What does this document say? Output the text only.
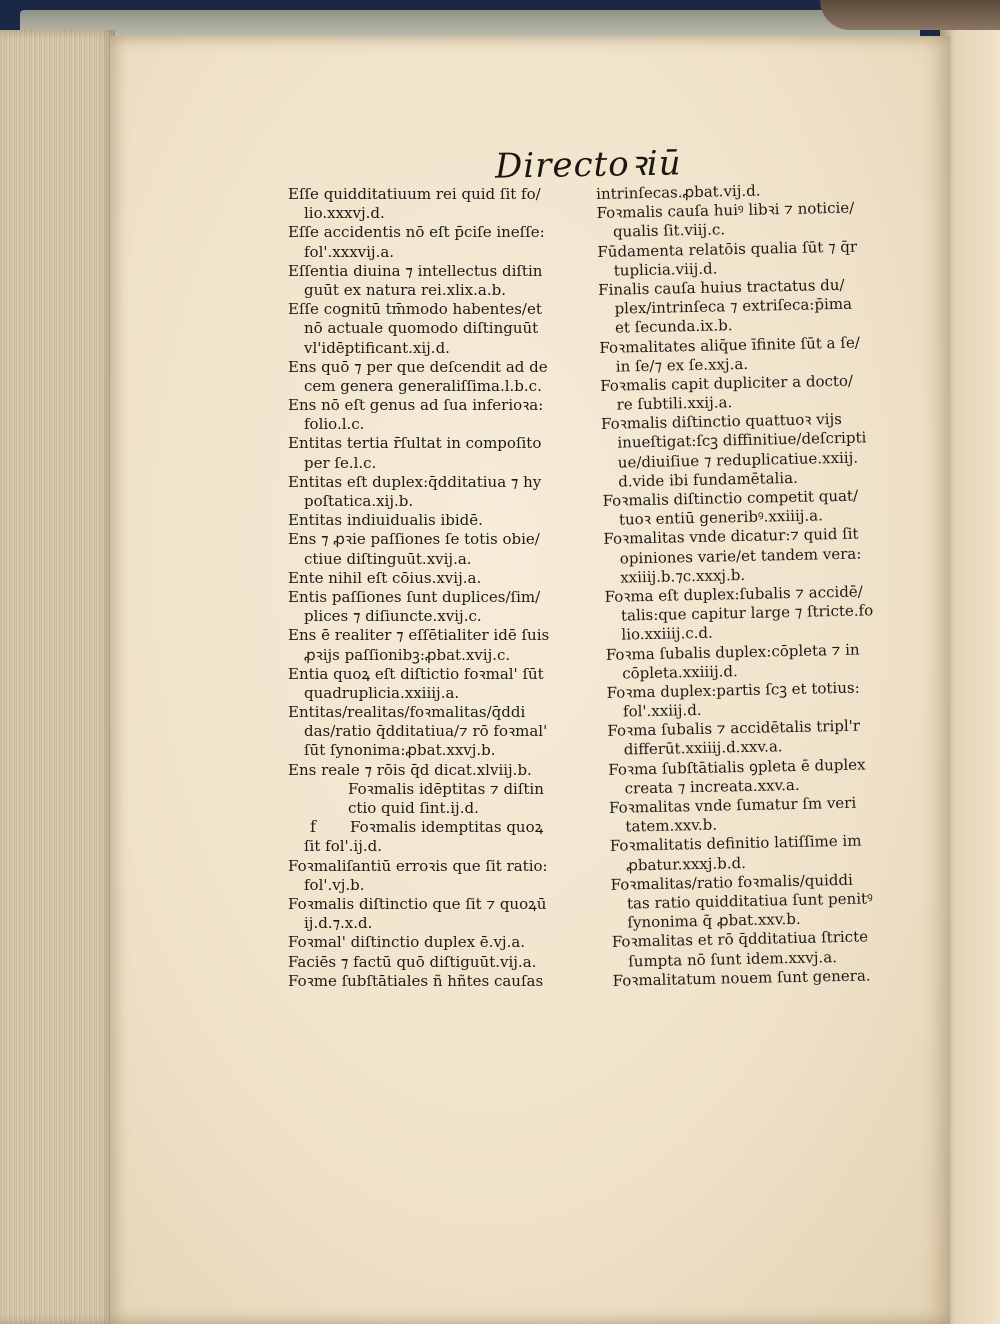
Directoꝛiū
f
Eſſe quidditatiuum rei quid ſit fo/
lio.xxxvj.d.
Eſſe accidentis nō eſt p̄ciſe ineſſe:
fol'.xxxvij.a.
Eſſentia diuina ⁊ intellectus diſtin
guūt ex natura rei.xlix.a.b.
Eſſe cognitū tm̄modo habentes/et
nō actuale quomodo diſtinguūt
vl'idēptificant.xij.d.
Ens quō ⁊ per que deſcendit ad de
cem genera generaliſſima.l.b.c.
Ens nō eſt genus ad ſua inferioꝛa:
folio.l.c.
Entitas tertia r̄ſultat in compoſito
per ſe.l.c.
Entitas eſt duplex:q̄dditatiua ⁊ hy
poſtatica.xij.b.
Entitas indiuidualis ibidē.
Ens ⁊ ꝓꝛie paſſiones ſe totis obie/
ctiue diſtinguūt.xvij.a.
Ente nihil eſt cōius.xvij.a.
Entis paſſiones ſunt duplices/ſim/
plices ⁊ diſiuncte.xvij.c.
Ens ē realiter ⁊ eſſētialiter idē ſuis
ꝓꝛijs paſſionibꝫ:ꝓbat.xvij.c.
Entia quoꝝ eſt diſtictio foꝛmal' ſūt
quadruplicia.xxiiij.a.
Entitas/realitas/foꝛmalitas/q̄ddi
das/ratio q̄dditatiua/⁊ rō foꝛmal'
ſūt ſynonima:ꝓbat.xxvj.b.
Ens reale ⁊ rōis q̄d dicat.xlviij.b.
Foꝛmalis idēptitas ⁊ diſtin
ctio quid ſint.ij.d.
Foꝛmalis idemptitas quoꝝ
ſit fol'.ij.d.
Foꝛmaliſantiū erroꝛis que ſit ratio:
fol'.vj.b.
Foꝛmalis diſtinctio que ſit ⁊ quoꝝū
ij.d.⁊.x.d.
Foꝛmal' diſtinctio duplex ē.vj.a.
Faciēs ⁊ factū quō diſtiguūt.vij.a.
Foꝛme ſubſtātiales ñ hñtes cauſas
intrinſecas.ꝓbat.vij.d.
Foꝛmalis cauſa huiꝰ libꝛi ⁊ noticie/
qualis ſit.viij.c.
Fūdamenta relatōis qualia ſūt ⁊ q̄r
tuplicia.viij.d.
Finalis cauſa huius tractatus du/
plex/intrinſeca ⁊ extriſeca:p̄ima
et ſecunda.ix.b.
Foꝛmalitates aliq̄ue īfinite ſūt a ſe/
in ſe/⁊ ex ſe.xxj.a.
Foꝛmalis capit dupliciter a docto/
re ſubtili.xxij.a.
Foꝛmalis diſtinctio quattuoꝛ vijs
inueſtigat:ſcꝫ diffinitiue/deſcripti
ue/diuiſiue ⁊ reduplicatiue.xxiij.
d.vide ibi fundamētalia.
Foꝛmalis diſtinctio competit quat/
tuoꝛ entiū generibꝰ.xxiiij.a.
Foꝛmalitas vnde dicatur:⁊ quid ſit
opiniones varie/et tandem vera:
xxiiij.b.⁊c.xxxj.b.
Foꝛma eſt duplex:ſubalis ⁊ accidē/
talis:que capitur large ⁊ ſtricte.fo
lio.xxiiij.c.d.
Foꝛma ſubalis duplex:cōpleta ⁊ in
cōpleta.xxiiij.d.
Foꝛma duplex:partis ſcꝫ et totius:
fol'.xxiij.d.
Foꝛma ſubalis ⁊ accidētalis tripl'r
differūt.xxiiij.d.xxv.a.
Foꝛma ſubſtātialis ꝯpleta ē duplex
creata ⁊ increata.xxv.a.
Foꝛmalitas vnde ſumatur ſm veri
tatem.xxv.b.
Foꝛmalitatis definitio latiſſime im
ꝓbatur.xxxj.b.d.
Foꝛmalitas/ratio foꝛmalis/quiddi
tas ratio quidditatiua ſunt penitꝰ
ſynonima q̄ ꝓbat.xxv.b.
Foꝛmalitas et rō q̄dditatiua ſtricte
ſumpta nō ſunt idem.xxvj.a.
Foꝛmalitatum nouem ſunt genera.
